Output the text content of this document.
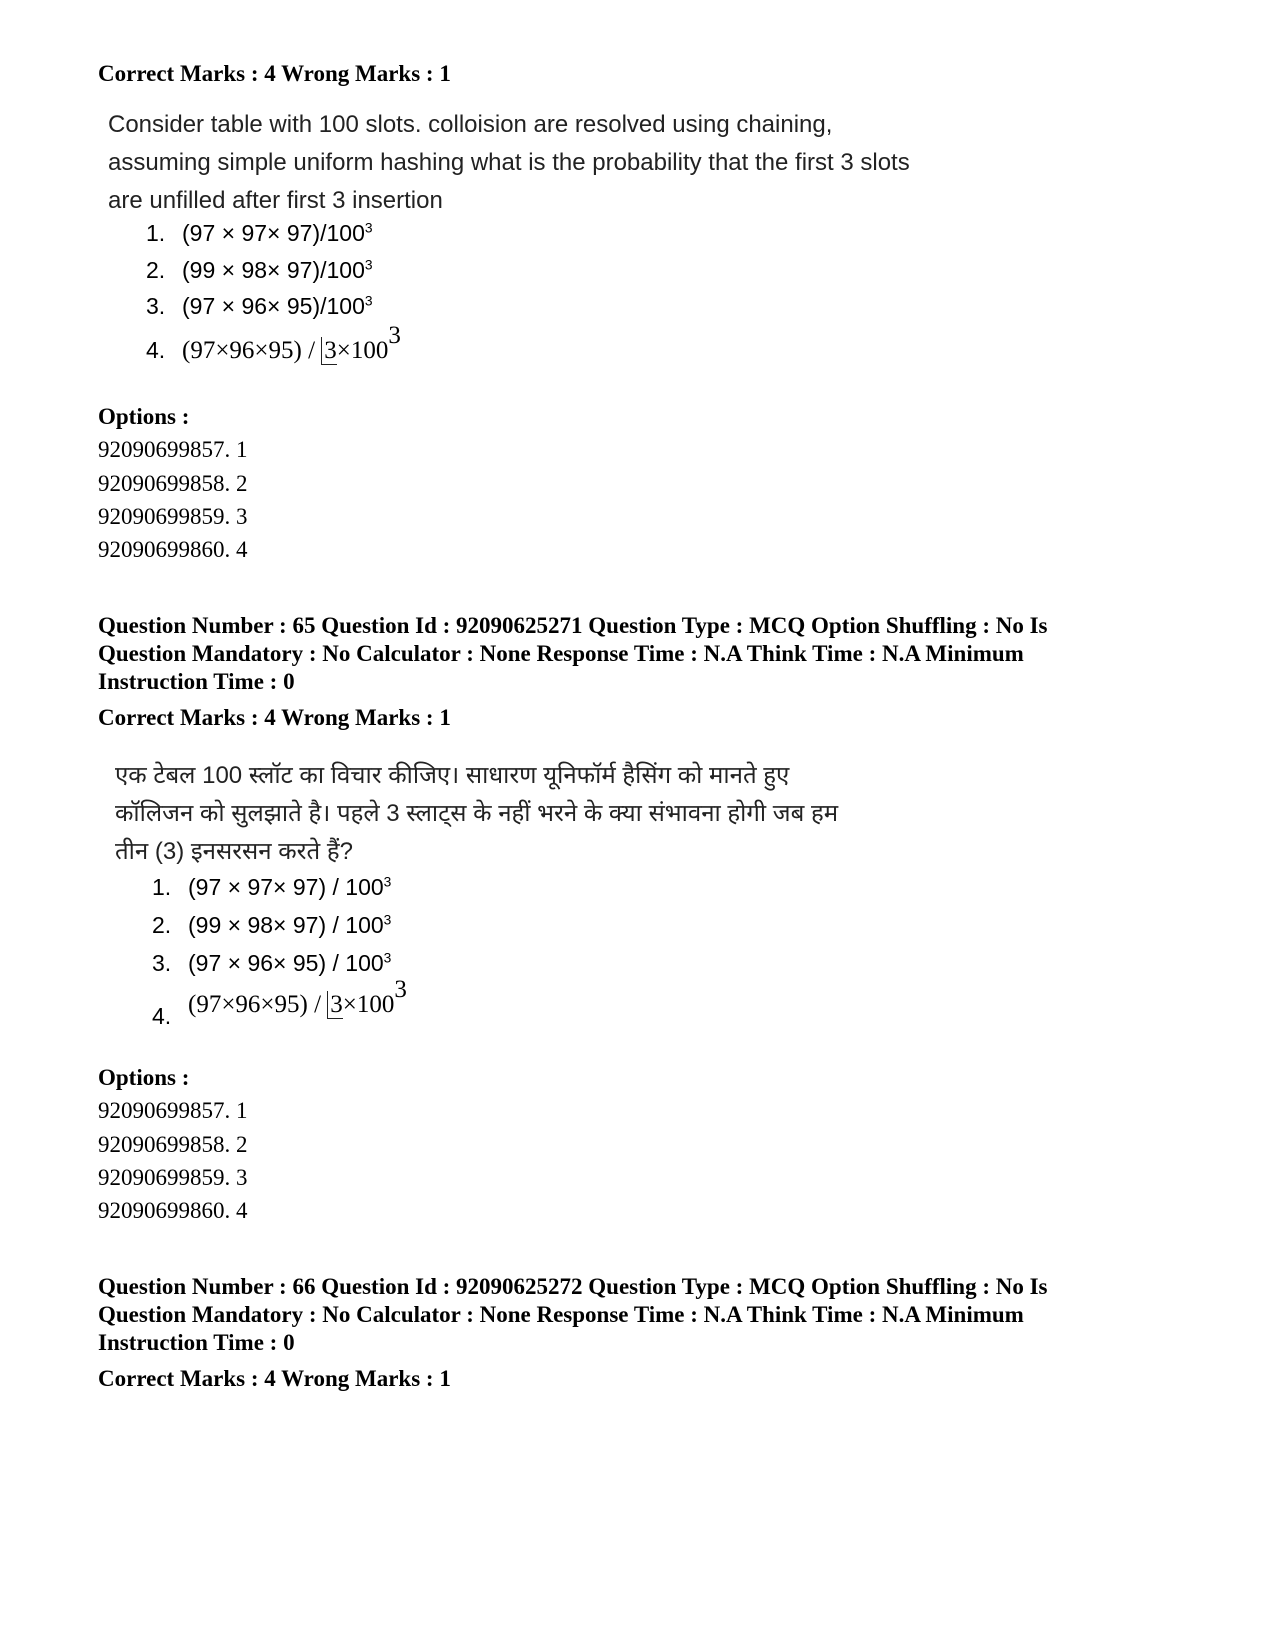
Correct Marks : 4 Wrong Marks : 1
Consider table with 100 slots. colloision are resolved using chaining,
assuming simple uniform hashing what is the probability that the first 3 slots
are unfilled after first 3 insertion
1. $(97 \times 97\times 97)/100^3$
2. $(99 \times 98\times 97)/100^3$
3. $(97 \times 96\times 95)/100^3$
4. $(97\times 96\times 95) / 3\times 100^3$
Options :
92090699857. 1
92090699858. 2
92090699859. 3
92090699860. 4
Question Number : 65 Question Id : 92090625271 Question Type : MCQ Option Shuffling : No Is Question Mandatory : No Calculator : None Response Time : N.A Think Time : N.A Minimum Instruction Time : 0
Correct Marks : 4 Wrong Marks : 1
एक टेबल 100 स्लॉट का विचार कीजिए। साधारण यूनिफॉर्म हैसिंग को मानते हुए
कॉलिजन को सुलझाते है। पहले 3 स्लाट्स के नहीं भरने के क्या संभावना होगी जब हम
तीन (3) इनसरसन करते हैं?
1. $(97 \times 97\times 97) / 100^3$
2. $(99 \times 98\times 97) / 100^3$
3. $(97 \times 96\times 95) / 100^3$
4. $(97\times 96\times 95) / 3\times 100^3$
Options :
92090699857. 1
92090699858. 2
92090699859. 3
92090699860. 4
Question Number : 66 Question Id : 92090625272 Question Type : MCQ Option Shuffling : No Is Question Mandatory : No Calculator : None Response Time : N.A Think Time : N.A Minimum Instruction Time : 0
Correct Marks : 4 Wrong Marks : 1
